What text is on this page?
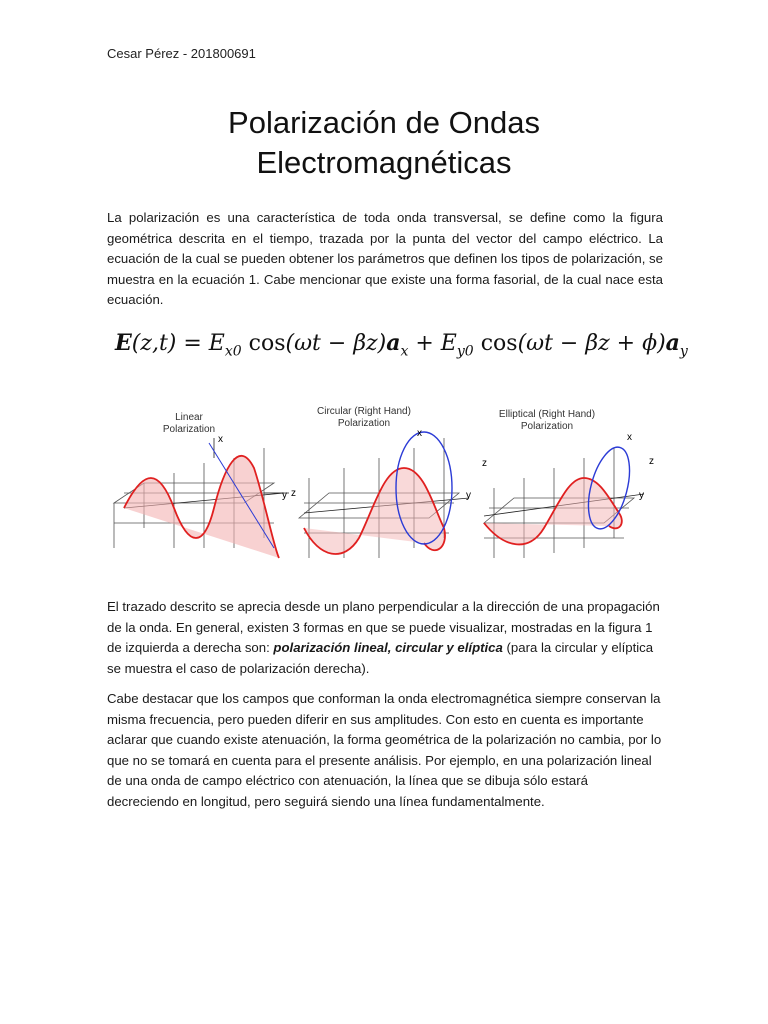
Cesar Pérez - 201800691
Polarización de Ondas
Electromagnéticas
La polarización es una característica de toda onda transversal, se define como la figura geométrica descrita en el tiempo, trazada por la punta del vector del campo eléctrico. La ecuación de la cual se pueden obtener los parámetros que definen los tipos de polarización, se muestra en la ecuación 1. Cabe mencionar que existe una forma fasorial, de la cual nace esta ecuación.
$E(z,t) = E_{x0}$ $\cos(\omega t - \beta z)a_x + E_{y0}$ $\cos(\omega t - \beta z + \phi)a_y$
Linear
Polarization
Circular (Right Hand)
Polarization
Elliptical (Right Hand)
Polarization
x
z
y
x
z
y
x
z
y
El trazado descrito se aprecia desde un plano perpendicular a la dirección de una propagación de la onda. En general, existen 3 formas en que se puede visualizar, mostradas en la figura 1 de izquierda a derecha son: polarización lineal, circular y elíptica (para la circular y elíptica se muestra el caso de polarización derecha).
Cabe destacar que los campos que conforman la onda electromagnética siempre conservan la misma frecuencia, pero pueden diferir en sus amplitudes. Con esto en cuenta es importante aclarar que cuando existe atenuación, la forma geométrica de la polarización no cambia, por lo que no se tomará en cuenta para el presente análisis. Por ejemplo, en una polarización lineal de una onda de campo eléctrico con atenuación, la línea que se dibuja sólo estará decreciendo en longitud, pero seguirá siendo una línea fundamentalmente.
